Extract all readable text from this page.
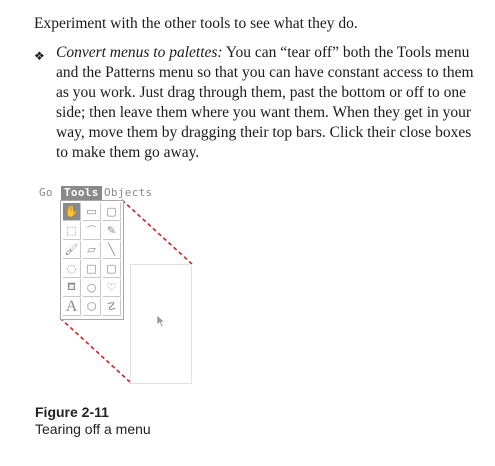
Experiment with the other tools to see what they do.

❖ Convert menus to palettes: You can “tear off” both the Tools menu and the Patterns menu so that you can have constant access to them as you work. Just drag through them, past the bottom or off to one side; then leave them where you want them. When they get in your way, move them by dragging their top bars. Click their close boxes to make them go away.

Go Tools Objects
✋ ▭ ▢
⬚ ⌒ ✎
🖌 ▱	╲
◌ □ ▢
⛾ ○ ♡
A ⬡ ☡

Figure 2-11

Tearing off a menu
